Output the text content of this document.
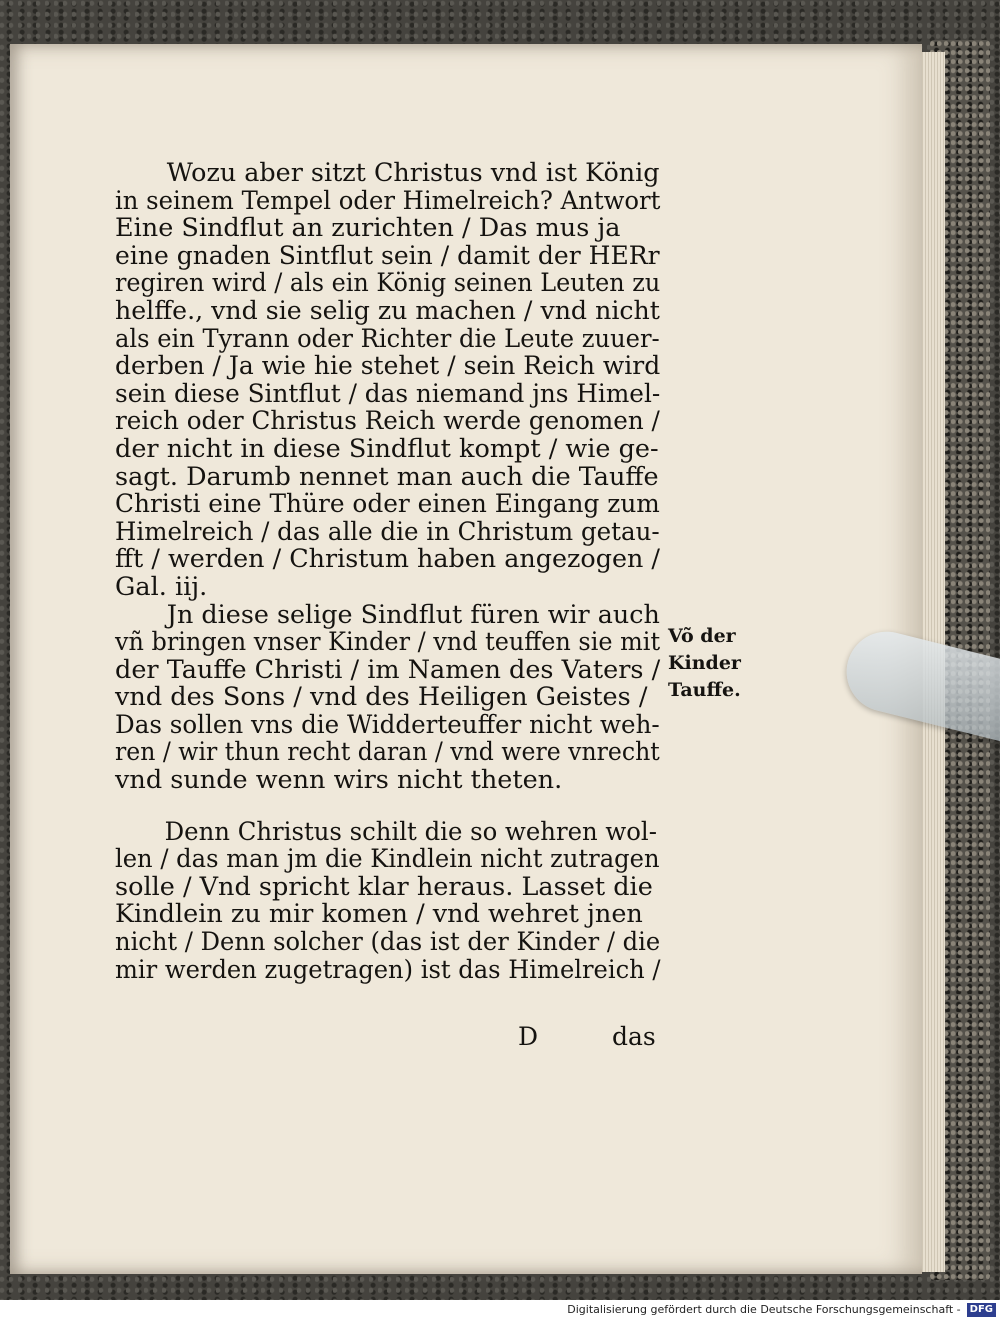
Wozu aber sitzt Christus vnd ist König
in seinem Tempel oder Himelreich? Antwort
Eine Sindflut an zurichten / Das mus ja
eine gnaden Sintflut sein / damit der HERr
regiren wird / als ein König seinen Leuten zu
helffe., vnd sie selig zu machen / vnd nicht
als ein Tyrann oder Richter die Leute zuuer-
derben / Ja wie hie stehet / sein Reich wird
sein diese Sintflut / das niemand jns Himel-
reich oder Christus Reich werde genomen /
der nicht in diese Sindflut kompt / wie ge-
sagt. Darumb nennet man auch die Tauffe
Christi eine Thüre oder einen Eingang zum
Himelreich / das alle die in Christum getau-
fft / werden / Christum haben angezogen /
Gal. iij.
Jn diese selige Sindflut füren wir auch
vñ bringen vnser Kinder / vnd teuffen sie mit
der Tauffe Christi / im Namen des Vaters /
vnd des Sons / vnd des Heiligen Geistes /
Das sollen vns die Widderteuffer nicht weh-
ren / wir thun recht daran / vnd were vnrecht
vnd sunde wenn wirs nicht theten.
Denn Christus schilt die so wehren wol-
len / das man jm die Kindlein nicht zutragen
solle / Vnd spricht klar heraus. Lasset die
Kindlein zu mir komen / vnd wehret jnen
nicht / Denn solcher (das ist der Kinder / die
mir werden zugetragen) ist das Himelreich /
D	das
Võ der
Kinder
Tauffe.
Digitalisierung gefördert durch die Deutsche Forschungsgemeinschaft - DFG
